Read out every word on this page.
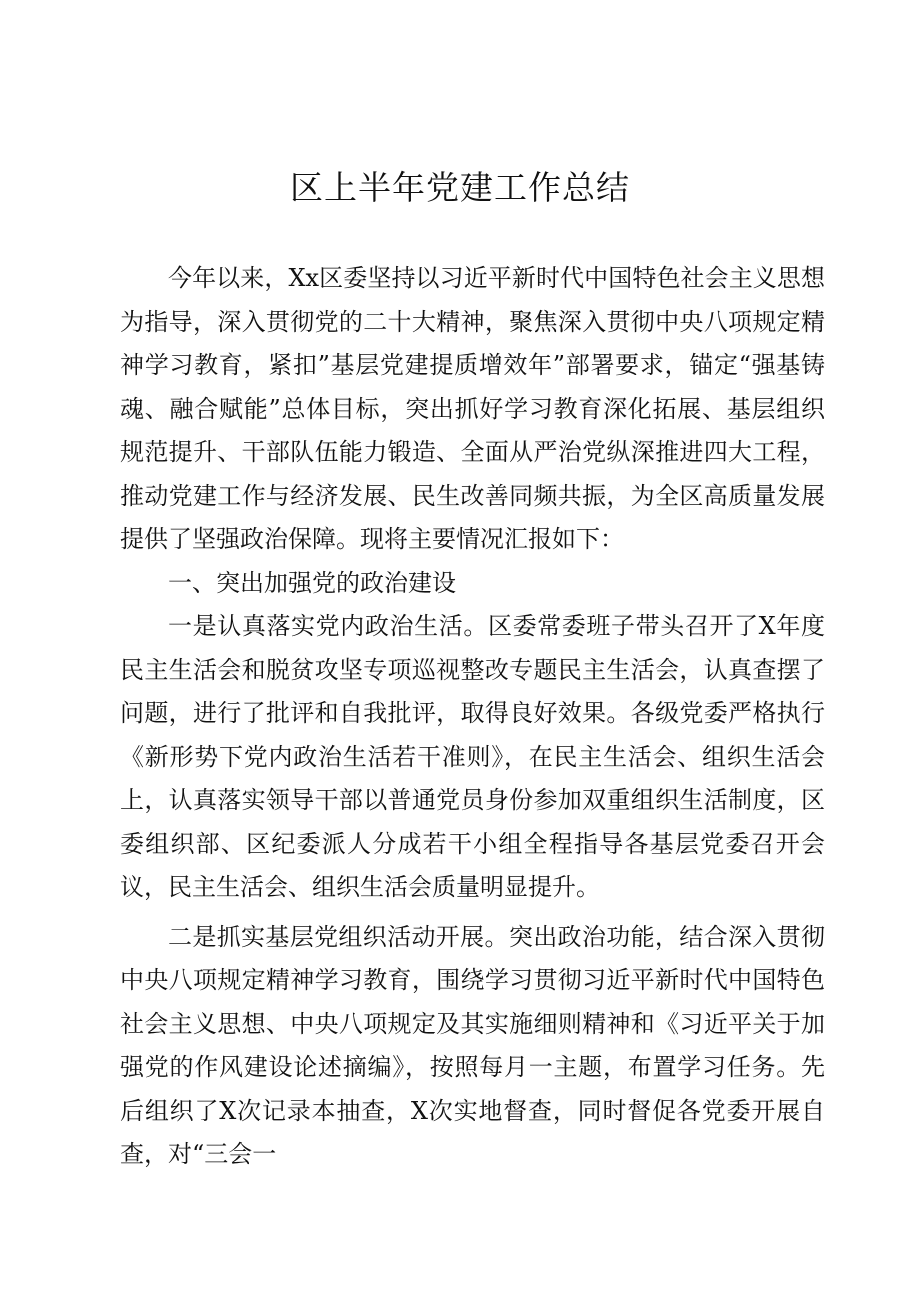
区上半年党建工作总结

今年以来，Xx区委坚持以习近平新时代中国特色社会主义思想为指导，深入贯彻党的二十大精神，聚焦深入贯彻中央八项规定精神学习教育，紧扣”基层党建提质增效年”部署要求，锚定“强基铸魂、融合赋能”总体目标，突出抓好学习教育深化拓展、基层组织规范提升、干部队伍能力锻造、全面从严治党纵深推进四大工程，推动党建工作与经济发展、民生改善同频共振，为全区高质量发展提供了坚强政治保障。现将主要情况汇报如下：

一、突出加强党的政治建设

一是认真落实党内政治生活。区委常委班子带头召开了X年度民主生活会和脱贫攻坚专项巡视整改专题民主生活会，认真查摆了问题，进行了批评和自我批评，取得良好效果。各级党委严格执行《新形势下党内政治生活若干准则》，在民主生活会、组织生活会上，认真落实领导干部以普通党员身份参加双重组织生活制度，区委组织部、区纪委派人分成若干小组全程指导各基层党委召开会议，民主生活会、组织生活会质量明显提升。

二是抓实基层党组织活动开展。突出政治功能，结合深入贯彻中央八项规定精神学习教育，围绕学习贯彻习近平新时代中国特色社会主义思想、中央八项规定及其实施细则精神和《习近平关于加强党的作风建设论述摘编》，按照每月一主题，布置学习任务。先后组织了X次记录本抽查，X次实地督查，同时督促各党委开展自查，对“三会一
